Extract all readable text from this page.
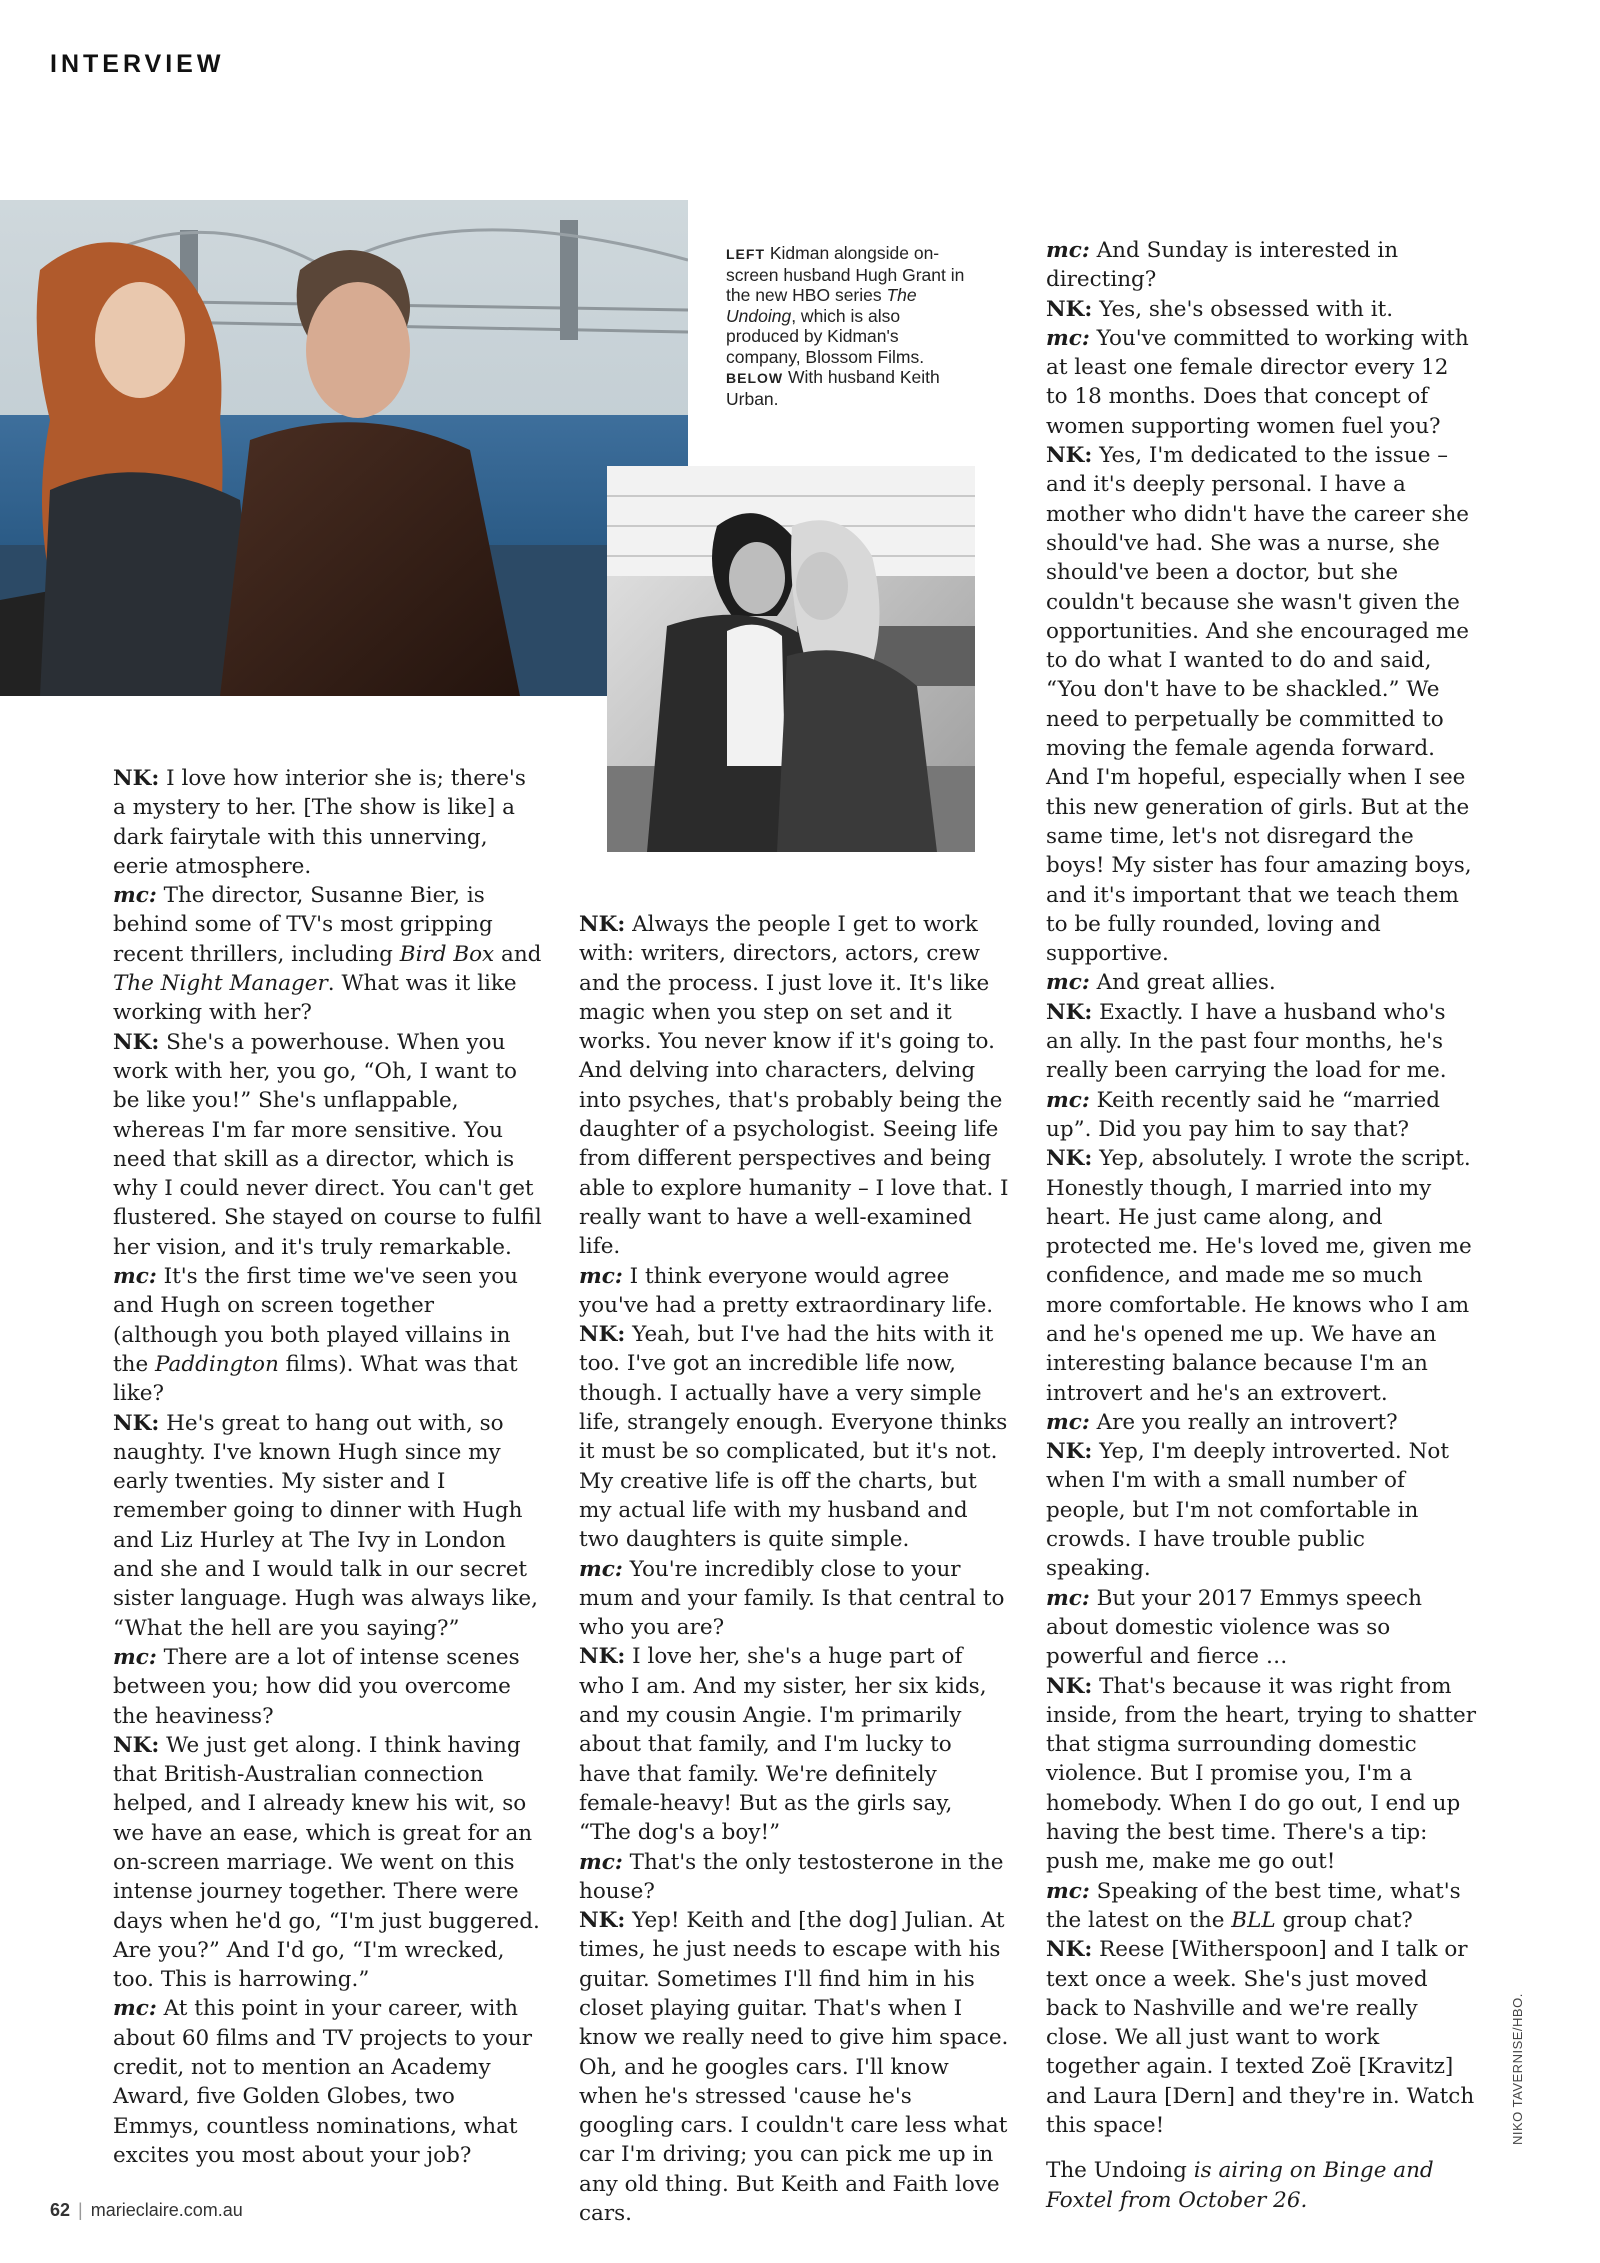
INTERVIEW
LEFT Kidman alongside on-screen husband Hugh Grant in the new HBO series The Undoing, which is also produced by Kidman's company, Blossom Films. BELOW With husband Keith Urban.

NK: I love how interior she is; there's a mystery to her. [The show is like] a dark fairytale with this unnerving, eerie atmosphere.

mc: The director, Susanne Bier, is behind some of TV's most gripping recent thrillers, including Bird Box and The Night Manager. What was it like working with her?

NK: She's a powerhouse. When you work with her, you go, “Oh, I want to be like you!” She's unflappable, whereas I'm far more sensitive. You need that skill as a director, which is why I could never direct. You can't get flustered. She stayed on course to fulfil her vision, and it's truly remarkable.

mc: It's the first time we've seen you and Hugh on screen together (although you both played villains in the Paddington films). What was that like?

NK: He's great to hang out with, so naughty. I've known Hugh since my early twenties. My sister and I remember going to dinner with Hugh and Liz Hurley at The Ivy in London and she and I would talk in our secret sister language. Hugh was always like, “What the hell are you saying?”

mc: There are a lot of intense scenes between you; how did you overcome the heaviness?

NK: We just get along. I think having that British-Australian connection helped, and I already knew his wit, so we have an ease, which is great for an on-screen marriage. We went on this intense journey together. There were days when he'd go, “I'm just buggered. Are you?” And I'd go, “I'm wrecked, too. This is harrowing.”

mc: At this point in your career, with about 60 films and TV projects to your credit, not to mention an Academy Award, five Golden Globes, two Emmys, countless nominations, what excites you most about your job?

NK: Always the people I get to work with: writers, directors, actors, crew and the process. I just love it. It's like magic when you step on set and it works. You never know if it's going to. And delving into characters, delving into psyches, that's probably being the daughter of a psychologist. Seeing life from different perspectives and being able to explore humanity – I love that. I really want to have a well-examined life.

mc: I think everyone would agree you've had a pretty extraordinary life.

NK: Yeah, but I've had the hits with it too. I've got an incredible life now, though. I actually have a very simple life, strangely enough. Everyone thinks it must be so complicated, but it's not. My creative life is off the charts, but my actual life with my husband and two daughters is quite simple.

mc: You're incredibly close to your mum and your family. Is that central to who you are?

NK: I love her, she's a huge part of who I am. And my sister, her six kids, and my cousin Angie. I'm primarily about that family, and I'm lucky to have that family. We're definitely female-heavy! But as the girls say, “The dog's a boy!”

mc: That's the only testosterone in the house?

NK: Yep! Keith and [the dog] Julian. At times, he just needs to escape with his guitar. Sometimes I'll find him in his closet playing guitar. That's when I know we really need to give him space. Oh, and he googles cars. I'll know when he's stressed 'cause he's googling cars. I couldn't care less what car I'm driving; you can pick me up in any old thing. But Keith and Faith love cars.

mc: And Sunday is interested in directing?

NK: Yes, she's obsessed with it.

mc: You've committed to working with at least one female director every 12 to 18 months. Does that concept of women supporting women fuel you?

NK: Yes, I'm dedicated to the issue – and it's deeply personal. I have a mother who didn't have the career she should've had. She was a nurse, she should've been a doctor, but she couldn't because she wasn't given the opportunities. And she encouraged me to do what I wanted to do and said, “You don't have to be shackled.” We need to perpetually be committed to moving the female agenda forward. And I'm hopeful, especially when I see this new generation of girls. But at the same time, let's not disregard the boys! My sister has four amazing boys, and it's important that we teach them to be fully rounded, loving and supportive.

mc: And great allies.

NK: Exactly. I have a husband who's an ally. In the past four months, he's really been carrying the load for me.

mc: Keith recently said he “married up”. Did you pay him to say that?

NK: Yep, absolutely. I wrote the script. Honestly though, I married into my heart. He just came along, and protected me. He's loved me, given me confidence, and made me so much more comfortable. He knows who I am and he's opened me up. We have an interesting balance because I'm an introvert and he's an extrovert.

mc: Are you really an introvert?

NK: Yep, I'm deeply introverted. Not when I'm with a small number of people, but I'm not comfortable in crowds. I have trouble public speaking.

mc: But your 2017 Emmys speech about domestic violence was so powerful and fierce …

NK: That's because it was right from inside, from the heart, trying to shatter that stigma surrounding domestic violence. But I promise you, I'm a homebody. When I do go out, I end up having the best time. There's a tip: push me, make me go out!

mc: Speaking of the best time, what's the latest on the BLL group chat?

NK: Reese [Witherspoon] and I talk or text once a week. She's just moved back to Nashville and we're really close. We all just want to work together again. I texted Zoë [Kravitz] and Laura [Dern] and they're in. Watch this space!

The Undoing is airing on Binge and Foxtel from October 26.

NIKO TAVERNISE/HBO.
62 | marieclaire.com.au
